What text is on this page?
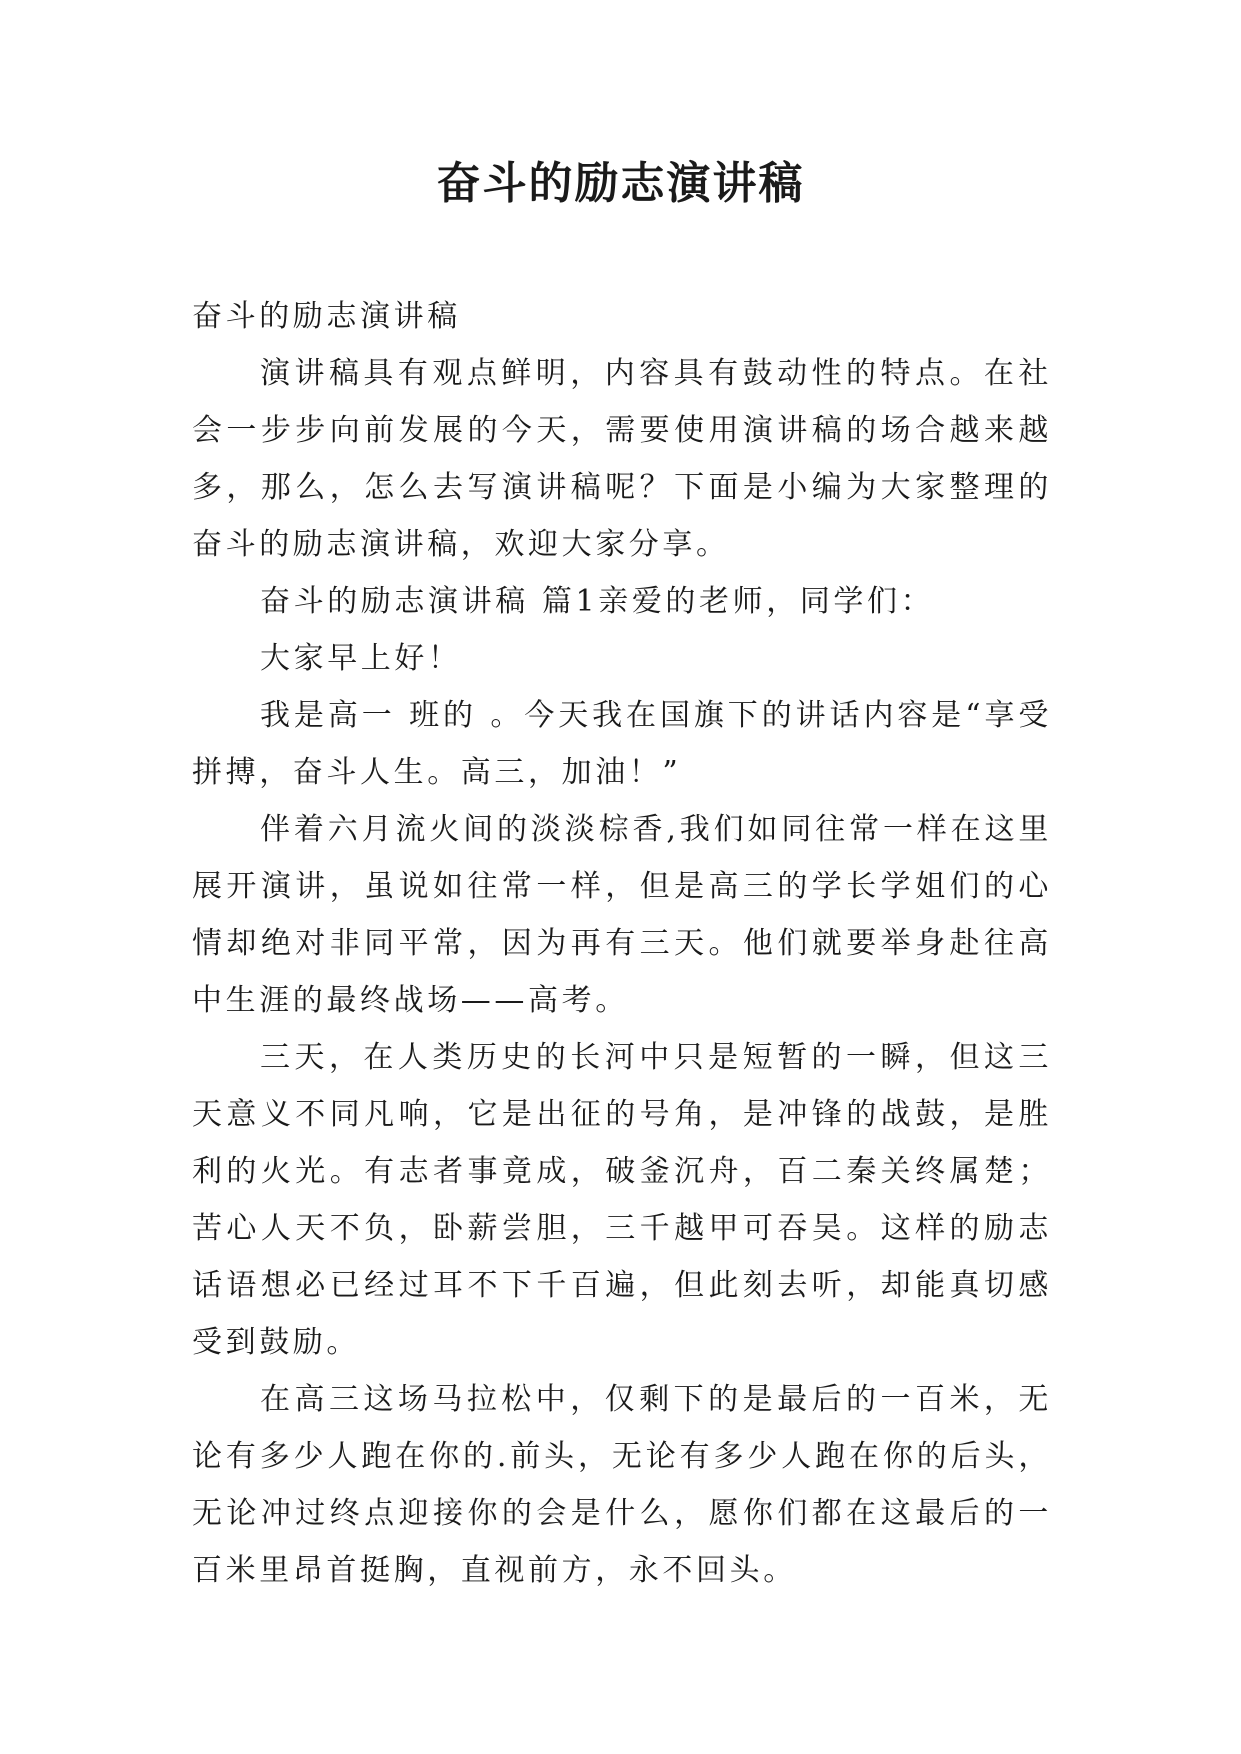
奋斗的励志演讲稿

奋斗的励志演讲稿

演讲稿具有观点鲜明，内容具有鼓动性的特点。在社会一步步向前发展的今天，需要使用演讲稿的场合越来越多，那么，怎么去写演讲稿呢？下面是小编为大家整理的奋斗的励志演讲稿，欢迎大家分享。

奋斗的励志演讲稿 篇1亲爱的老师，同学们：

大家早上好！

我是高一 班的 。今天我在国旗下的讲话内容是“享受拼搏，奋斗人生。高三，加油！”

伴着六月流火间的淡淡棕香,我们如同往常一样在这里展开演讲，虽说如往常一样，但是高三的学长学姐们的心情却绝对非同平常，因为再有三天。他们就要举身赴往高中生涯的最终战场——高考。

三天，在人类历史的长河中只是短暂的一瞬，但这三天意义不同凡响，它是出征的号角，是冲锋的战鼓，是胜利的火光。有志者事竟成，破釜沉舟，百二秦关终属楚；苦心人天不负，卧薪尝胆，三千越甲可吞吴。这样的励志话语想必已经过耳不下千百遍，但此刻去听，却能真切感受到鼓励。

在高三这场马拉松中，仅剩下的是最后的一百米，无论有多少人跑在你的.前头，无论有多少人跑在你的后头，无论冲过终点迎接你的会是什么，愿你们都在这最后的一百米里昂首挺胸，直视前方，永不回头。
